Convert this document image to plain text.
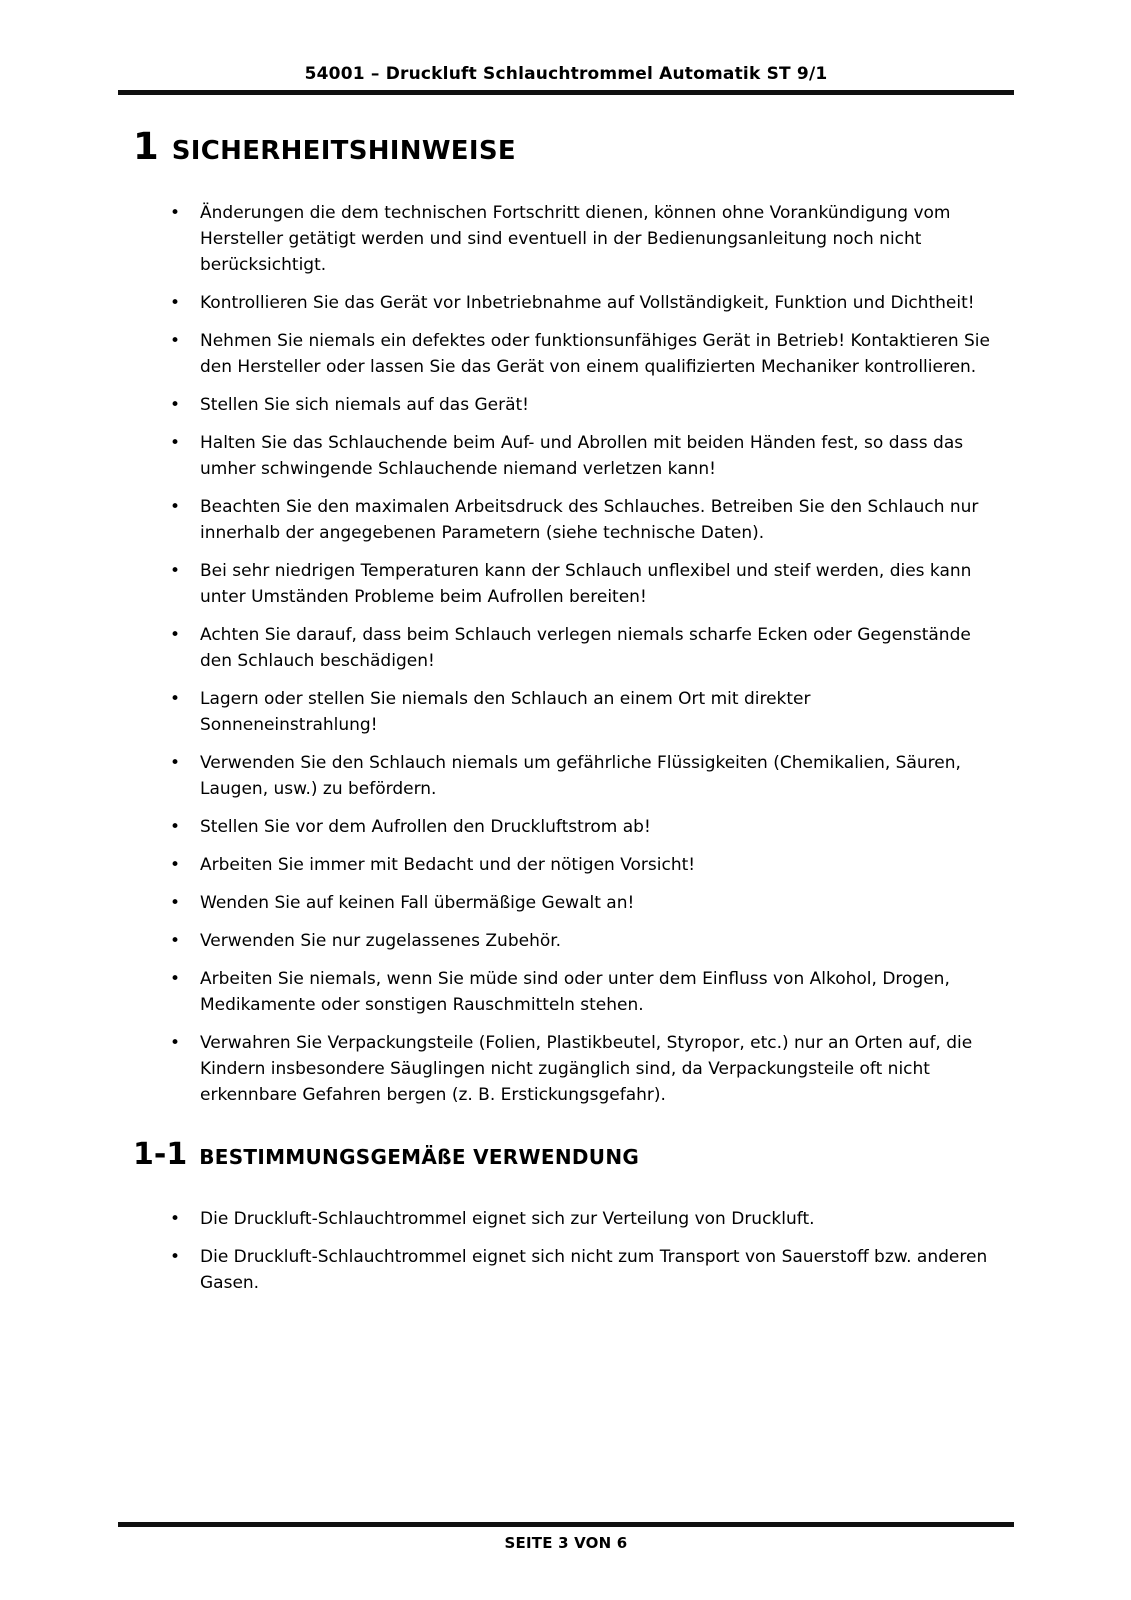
54001 – Druckluft Schlauchtrommel Automatik ST 9/1
1 SICHERHEITSHINWEISE
•	Änderungen die dem technischen Fortschritt dienen, können ohne Vorankündigung vom Hersteller getätigt werden und sind eventuell in der Bedienungsanleitung noch nicht berücksichtigt.
•	Kontrollieren Sie das Gerät vor Inbetriebnahme auf Vollständigkeit, Funktion und Dichtheit!
•	Nehmen Sie niemals ein defektes oder funktionsunfähiges Gerät in Betrieb! Kontaktieren Sie den Hersteller oder lassen Sie das Gerät von einem qualifizierten Mechaniker kontrollieren.
•	Stellen Sie sich niemals auf das Gerät!
•	Halten Sie das Schlauchende beim Auf- und Abrollen mit beiden Händen fest, so dass das umher schwingende Schlauchende niemand verletzen kann!
•	Beachten Sie den maximalen Arbeitsdruck des Schlauches. Betreiben Sie den Schlauch nur innerhalb der angegebenen Parametern (siehe technische Daten).
•	Bei sehr niedrigen Temperaturen kann der Schlauch unflexibel und steif werden, dies kann unter Umständen Probleme beim Aufrollen bereiten!
•	Achten Sie darauf, dass beim Schlauch verlegen niemals scharfe Ecken oder Gegenstände den Schlauch beschädigen!
•	Lagern oder stellen Sie niemals den Schlauch an einem Ort mit direkter Sonneneinstrahlung!
•	Verwenden Sie den Schlauch niemals um gefährliche Flüssigkeiten (Chemikalien, Säuren, Laugen, usw.) zu befördern.
•	Stellen Sie vor dem Aufrollen den Druckluftstrom ab!
•	Arbeiten Sie immer mit Bedacht und der nötigen Vorsicht!
•	Wenden Sie auf keinen Fall übermäßige Gewalt an!
•	Verwenden Sie nur zugelassenes Zubehör.
•	Arbeiten Sie niemals, wenn Sie müde sind oder unter dem Einfluss von Alkohol, Drogen, Medikamente oder sonstigen Rauschmitteln stehen.
•	Verwahren Sie Verpackungsteile (Folien, Plastikbeutel, Styropor, etc.) nur an Orten auf, die Kindern insbesondere Säuglingen nicht zugänglich sind, da Verpackungsteile oft nicht erkennbare Gefahren bergen (z. B. Erstickungsgefahr).
1-1 BESTIMMUNGSGEMÄßE VERWENDUNG
•	Die Druckluft-Schlauchtrommel eignet sich zur Verteilung von Druckluft.
•	Die Druckluft-Schlauchtrommel eignet sich nicht zum Transport von Sauerstoff bzw. anderen Gasen.
SEITE 3 VON 6
